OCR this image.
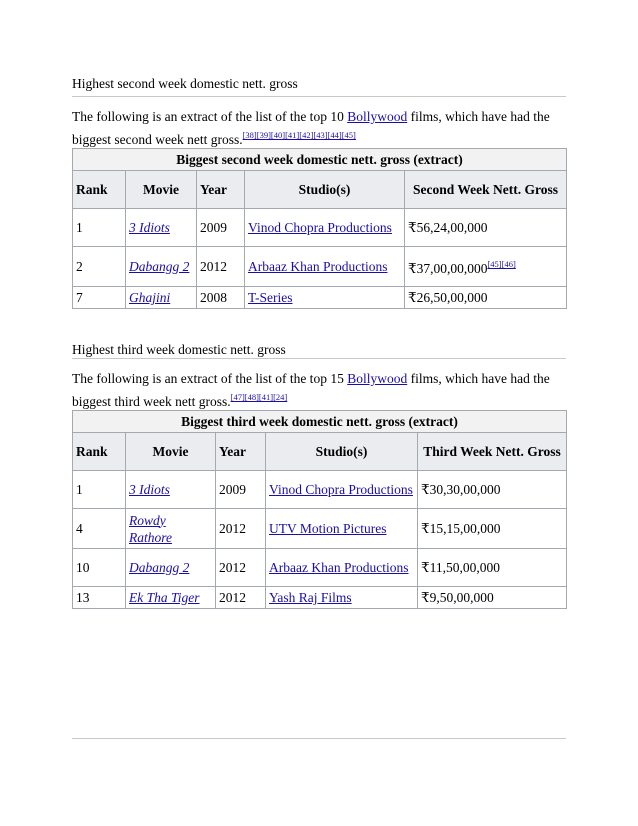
Highest second week domestic nett. gross
The following is an extract of the list of the top 10 Bollywood films, which have had the biggest second week nett gross.[38][39][40][41][42][43][44][45]
Biggest second week domestic nett. gross (extract)
Rank	Movie	Year	Studio(s)	Second Week Nett. Gross
1	3 Idiots	2009	Vinod Chopra Productions	₹56,24,00,000
2	Dabangg 2	2012	Arbaaz Khan Productions	₹37,00,00,000[45][46]
7	Ghajini	2008	T-Series	₹26,50,00,000
Highest third week domestic nett. gross
The following is an extract of the list of the top 15 Bollywood films, which have had the biggest third week nett gross.[47][48][41][24]
Biggest third week domestic nett. gross (extract)
Rank	Movie	Year	Studio(s)	Third Week Nett. Gross
1	3 Idiots	2009	Vinod Chopra Productions	₹30,30,00,000
4	Rowdy Rathore	2012	UTV Motion Pictures	₹15,15,00,000
10	Dabangg 2	2012	Arbaaz Khan Productions	₹11,50,00,000
13	Ek Tha Tiger	2012	Yash Raj Films	₹9,50,00,000
